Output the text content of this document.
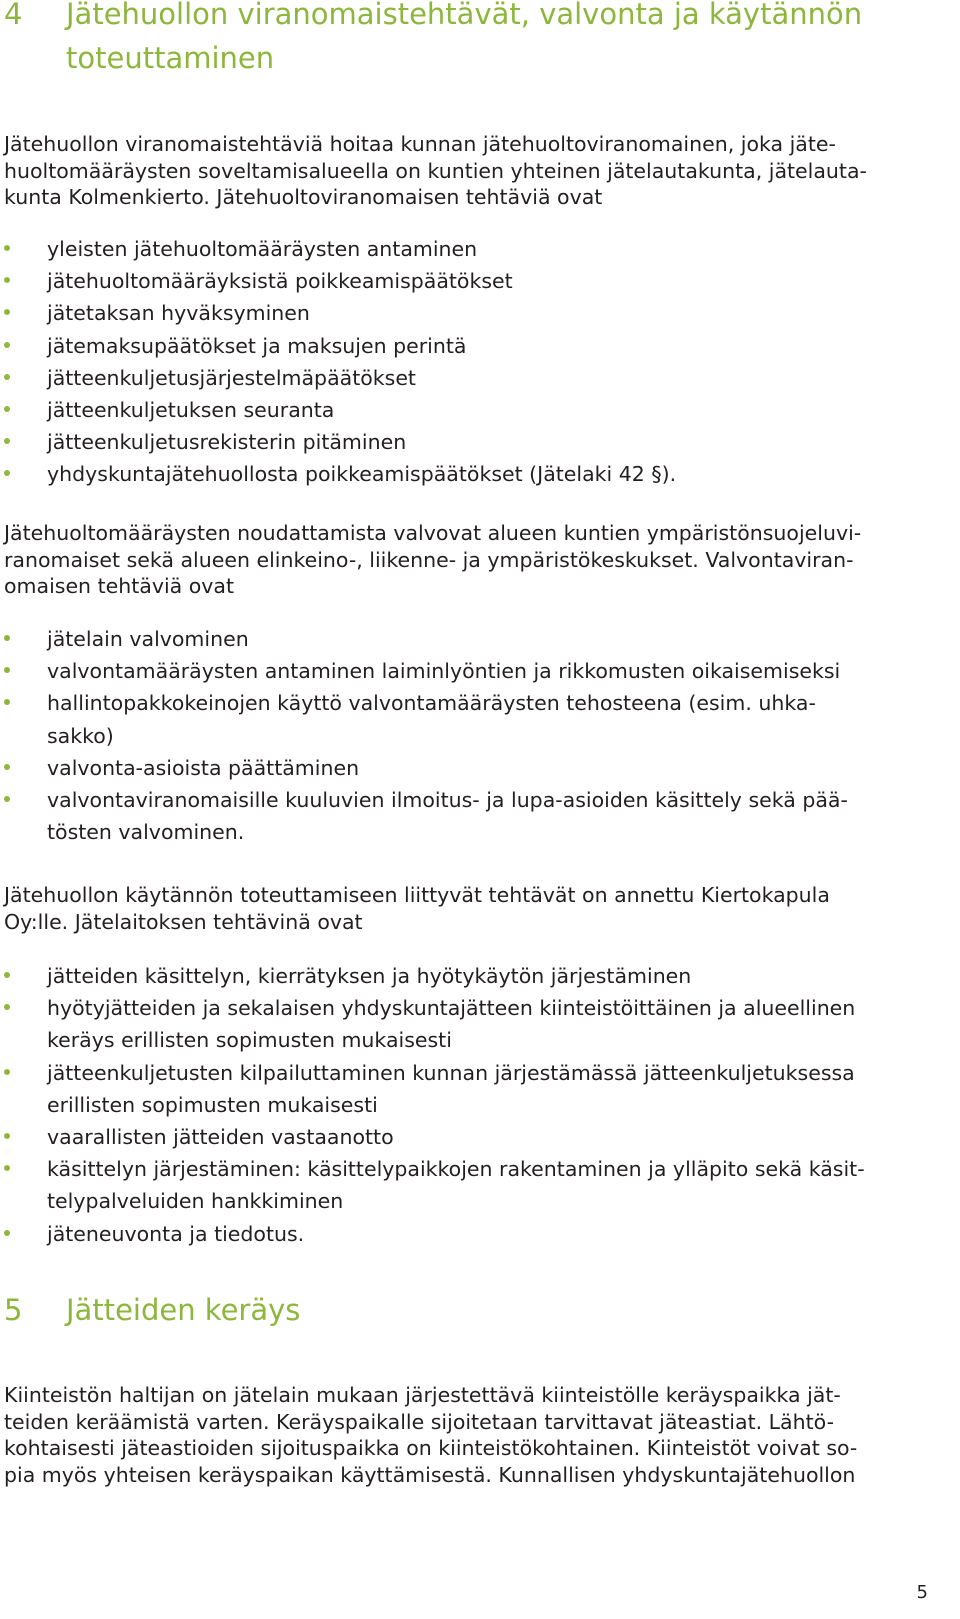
4 Jätehuollon viranomaistehtävät, valvonta ja käytännön
toteuttaminen

Jätehuollon viranomaistehtäviä hoitaa kunnan jätehuoltoviranomainen, joka jäte-
huoltomääräysten soveltamisalueella on kuntien yhteinen jätelautakunta, jätelauta-
kunta Kolmenkierto. Jätehuoltoviranomaisen tehtäviä ovat

yleisten jätehuoltomääräysten antaminen
jätehuoltomääräyksistä poikkeamispäätökset
jätetaksan hyväksyminen
jätemaksupäätökset ja maksujen perintä
jätteenkuljetusjärjestelmäpäätökset
jätteenkuljetuksen seuranta
jätteenkuljetusrekisterin pitäminen
yhdyskuntajätehuollosta poikkeamispäätökset (Jätelaki 42 §).

Jätehuoltomääräysten noudattamista valvovat alueen kuntien ympäristönsuojeluvi-
ranomaiset sekä alueen elinkeino-, liikenne- ja ympäristökeskukset. Valvontaviran-
omaisen tehtäviä ovat

jätelain valvominen
valvontamääräysten antaminen laiminlyöntien ja rikkomusten oikaisemiseksi
hallintopakkokeinojen käyttö valvontamääräysten tehosteena (esim. uhka-
sakko)
valvonta-asioista päättäminen
valvontaviranomaisille kuuluvien ilmoitus- ja lupa-asioiden käsittely sekä pää-
tösten valvominen.

Jätehuollon käytännön toteuttamiseen liittyvät tehtävät on annettu Kiertokapula
Oy:lle. Jätelaitoksen tehtävinä ovat

jätteiden käsittelyn, kierrätyksen ja hyötykäytön järjestäminen
hyötyjätteiden ja sekalaisen yhdyskuntajätteen kiinteistöittäinen ja alueellinen
keräys erillisten sopimusten mukaisesti
jätteenkuljetusten kilpailuttaminen kunnan järjestämässä jätteenkuljetuksessa
erillisten sopimusten mukaisesti
vaarallisten jätteiden vastaanotto
käsittelyn järjestäminen: käsittelypaikkojen rakentaminen ja ylläpito sekä käsit-
telypalveluiden hankkiminen
jäteneuvonta ja tiedotus.
5 Jätteiden keräys

Kiinteistön haltijan on jätelain mukaan järjestettävä kiinteistölle keräyspaikka jät-
teiden keräämistä varten. Keräyspaikalle sijoitetaan tarvittavat jäteastiat. Lähtö-
kohtaisesti jäteastioiden sijoituspaikka on kiinteistökohtainen. Kiinteistöt voivat so-
pia myös yhteisen keräyspaikan käyttämisestä. Kunnallisen yhdyskuntajätehuollon

5
